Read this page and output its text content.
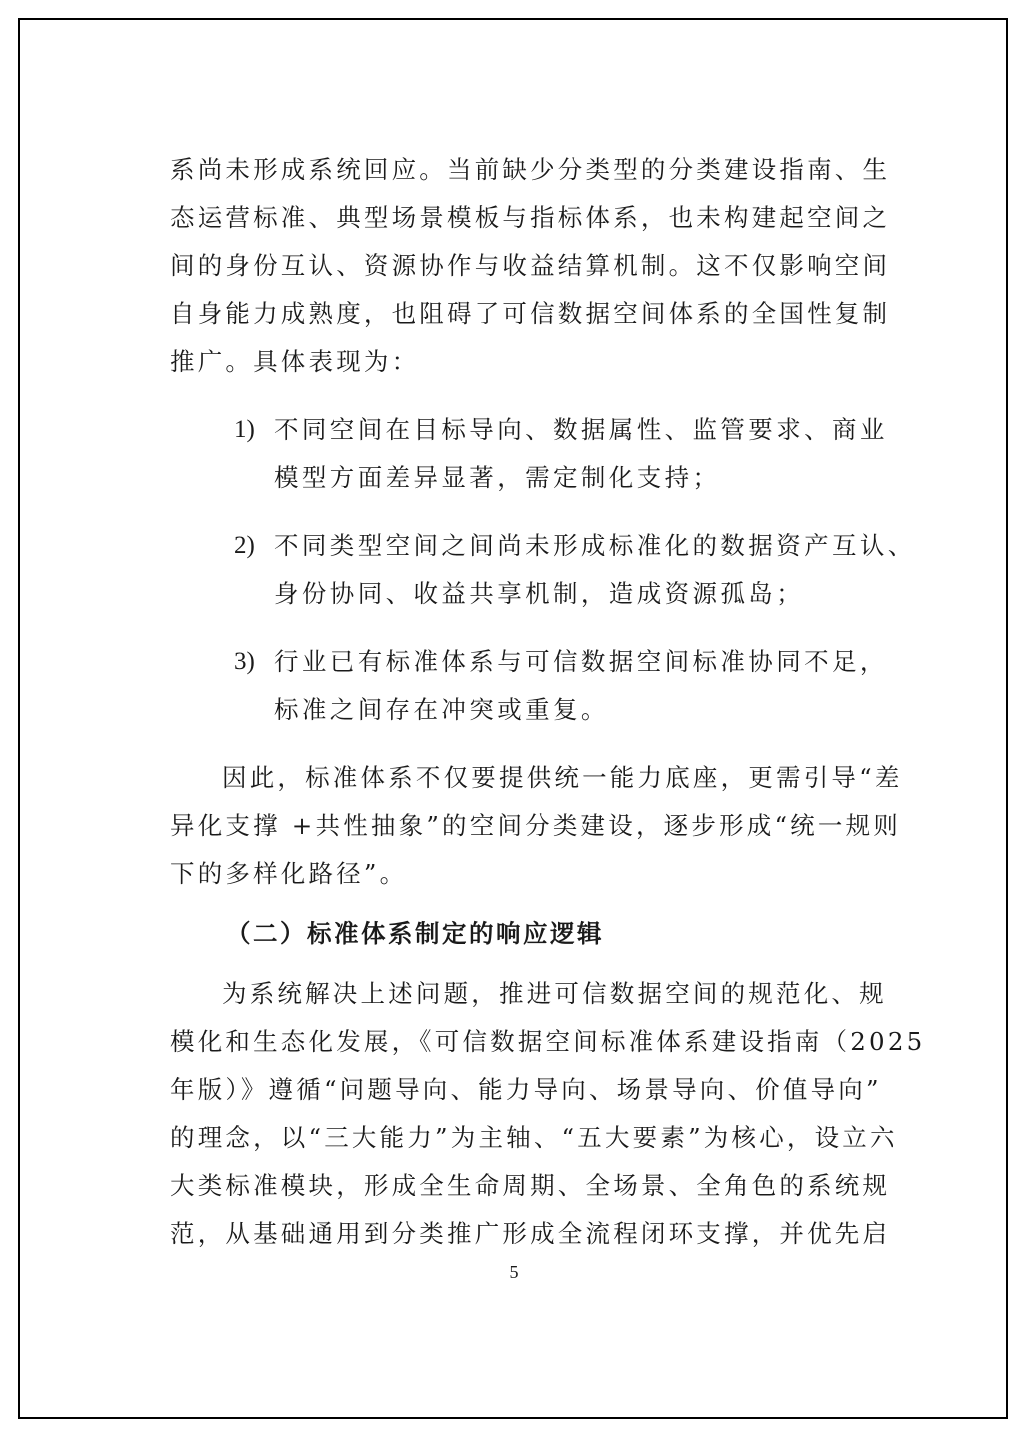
系尚未形成系统回应。当前缺少分类型的分类建设指南、生
态运营标准、典型场景模板与指标体系，也未构建起空间之
间的身份互认、资源协作与收益结算机制。这不仅影响空间
自身能力成熟度，也阻碍了可信数据空间体系的全国性复制
推广。具体表现为：
1) 不同空间在目标导向、数据属性、监管要求、商业
模型方面差异显著，需定制化支持；
2) 不同类型空间之间尚未形成标准化的数据资产互认、
身份协同、收益共享机制，造成资源孤岛；
3) 行业已有标准体系与可信数据空间标准协同不足，
标准之间存在冲突或重复。
因此，标准体系不仅要提供统一能力底座，更需引导“差
异化支撑 +共性抽象”的空间分类建设，逐步形成“统一规则
下的多样化路径”。
（二）标准体系制定的响应逻辑
为系统解决上述问题，推进可信数据空间的规范化、规
模化和生态化发展，《可信数据空间标准体系建设指南（2025
年版）》遵循“问题导向、能力导向、场景导向、价值导向”
的理念，以“三大能力”为主轴、“五大要素”为核心，设立六
大类标准模块，形成全生命周期、全场景、全角色的系统规
范，从基础通用到分类推广形成全流程闭环支撑，并优先启
5
